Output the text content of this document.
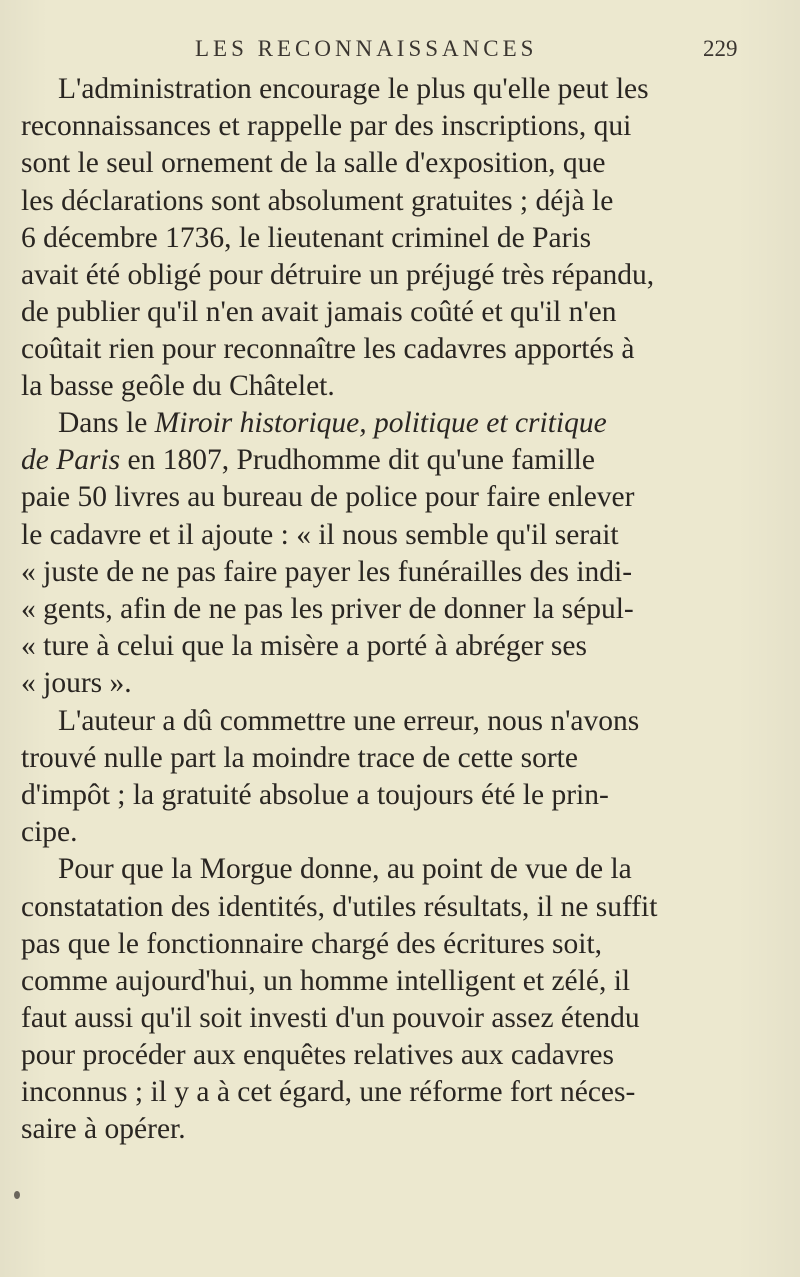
LES RECONNAISSANCES	229
L'administration encourage le plus qu'elle peut les
reconnaissances et rappelle par des inscriptions, qui
sont le seul ornement de la salle d'exposition, que
les déclarations sont absolument gratuites ; déjà le
6 décembre 1736, le lieutenant criminel de Paris
avait été obligé pour détruire un préjugé très répandu,
de publier qu'il n'en avait jamais coûté et qu'il n'en
coûtait rien pour reconnaître les cadavres apportés à
la basse geôle du Châtelet.
Dans le Miroir historique, politique et critique
de Paris en 1807, Prudhomme dit qu'une famille
paie 50 livres au bureau de police pour faire enlever
le cadavre et il ajoute : « il nous semble qu'il serait
« juste de ne pas faire payer les funérailles des indi-
« gents, afin de ne pas les priver de donner la sépul-
« ture à celui que la misère a porté à abréger ses
« jours ».
L'auteur a dû commettre une erreur, nous n'avons
trouvé nulle part la moindre trace de cette sorte
d'impôt ; la gratuité absolue a toujours été le prin-
cipe.
Pour que la Morgue donne, au point de vue de la
constatation des identités, d'utiles résultats, il ne suffit
pas que le fonctionnaire chargé des écritures soit,
comme aujourd'hui, un homme intelligent et zélé, il
faut aussi qu'il soit investi d'un pouvoir assez étendu
pour procéder aux enquêtes relatives aux cadavres
inconnus ; il y a à cet égard, une réforme fort néces-
saire à opérer.
